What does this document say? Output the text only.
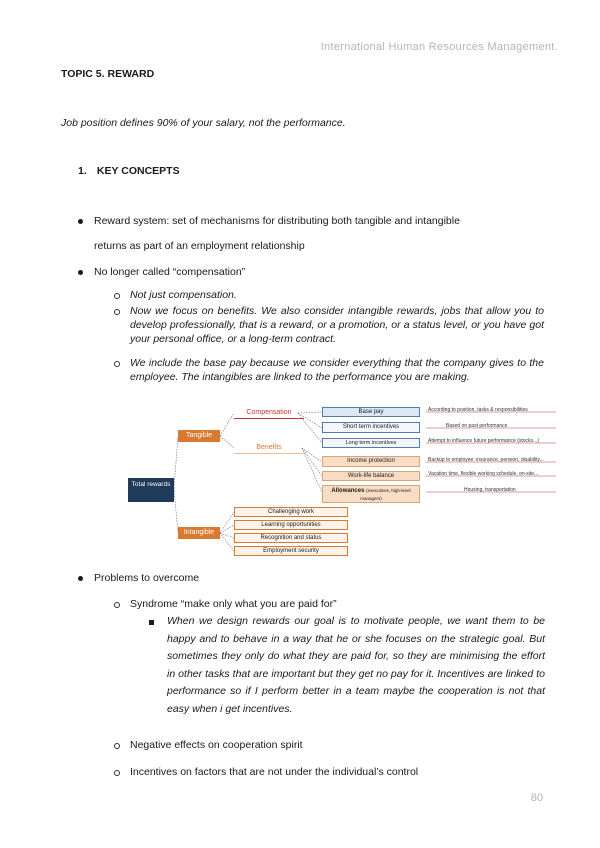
International Human Resources Management.
TOPIC 5. REWARD
Job position defines 90% of your salary, not the performance.
1. KEY CONCEPTS
Reward system: set of mechanisms for distributing both tangible and intangible
returns as part of an employment relationship
No longer called “compensation”
Not just compensation.
Now we focus on benefits. We also consider intangible rewards, jobs that allow you to develop professionally, that is a reward, or a promotion, or a status level, or you have got your personal office, or a long-term contract.
We include the base pay because we consider everything that the company gives to the employee. The intangibles are linked to the performance you are making.
Total rewards
Tangible
Intangible
Compensation
Benefits
Base pay
Short term incentives
Long term incentives
Income protection
Work-life balance
Allowances (executives, high-level managers)
According to position, tasks & responsibilities
Based on past performance
Attempt to influence future performance (stocks...)
Backup to employee: insurance, pension, disability...
Vacation time, flexible working schedule, on-site...
Housing, transportation
Challenging work
Learning opportunities
Recognition and status
Employment security
Problems to overcome
Syndrome “make only what you are paid for”
When we design rewards our goal is to motivate people, we want them to be happy and to behave in a way that he or she focuses on the strategic goal. But sometimes they only do what they are paid for, so they are minimising the effort in other tasks that are important but they get no pay for it. Incentives are linked to performance so if I perform better in a team maybe the cooperation is not that easy when i get incentives.
Negative effects on cooperation spirit
Incentives on factors that are not under the individual’s control
80
